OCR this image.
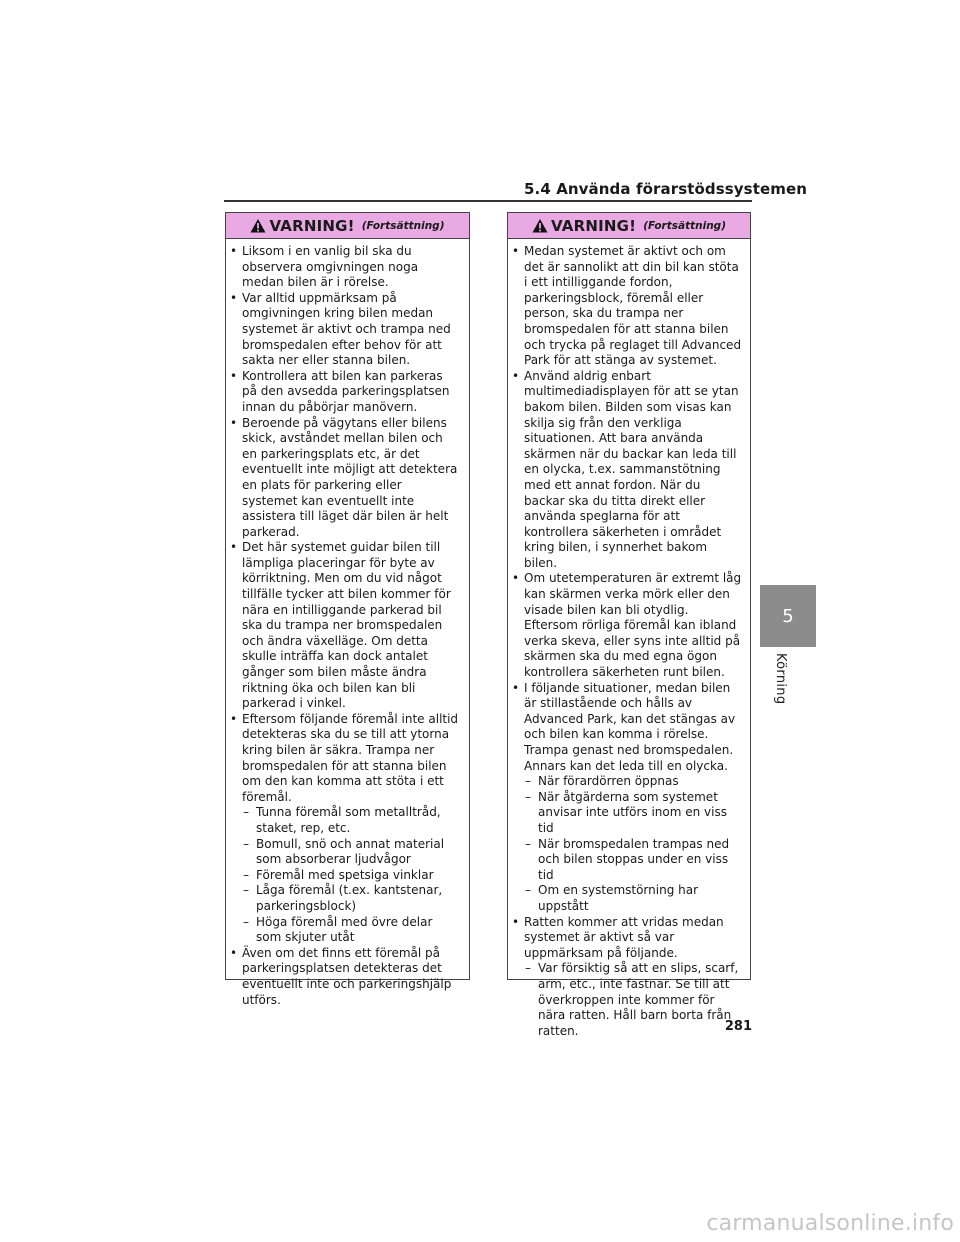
5.4 Använda förarstödssystemen
VARNING! (Fortsättning)

• Liksom i en vanlig bil ska du observera omgivningen noga medan bilen är i rörelse.

• Var alltid uppmärksam på omgivningen kring bilen medan systemet är aktivt och trampa ned bromspedalen efter behov för att sakta ner eller stanna bilen.

• Kontrollera att bilen kan parkeras på den avsedda parkeringsplatsen innan du påbörjar manövern.

• Beroende på vägytans eller bilens skick, avståndet mellan bilen och en parkeringsplats etc, är det eventuellt inte möjligt att detektera en plats för parkering eller systemet kan eventuellt inte assistera till läget där bilen är helt parkerad.

• Det här systemet guidar bilen till lämpliga placeringar för byte av körriktning. Men om du vid något tillfälle tycker att bilen kommer för nära en intilliggande parkerad bil ska du trampa ner bromspedalen och ändra växelläge. Om detta skulle inträffa kan dock antalet gånger som bilen måste ändra riktning öka och bilen kan bli parkerad i vinkel.

• Eftersom följande föremål inte alltid detekteras ska du se till att ytorna kring bilen är säkra. Trampa ner bromspedalen för att stanna bilen om den kan komma att stöta i ett föremål.

– Tunna föremål som metalltråd, staket, rep, etc.

– Bomull, snö och annat material som absorberar ljudvågor

– Föremål med spetsiga vinklar

– Låga föremål (t.ex. kantstenar, parkeringsblock)

– Höga föremål med övre delar som skjuter utåt

• Även om det finns ett föremål på parkeringsplatsen detekteras det eventuellt inte och parkeringshjälp utförs.

VARNING! (Fortsättning)

• Medan systemet är aktivt och om det är sannolikt att din bil kan stöta i ett intilliggande fordon, parkeringsblock, föremål eller person, ska du trampa ner bromspedalen för att stanna bilen och trycka på reglaget till Advanced Park för att stänga av systemet.

• Använd aldrig enbart multimediadisplayen för att se ytan bakom bilen. Bilden som visas kan skilja sig från den verkliga situationen. Att bara använda skärmen när du backar kan leda till en olycka, t.ex. sammanstötning med ett annat fordon. När du backar ska du titta direkt eller använda speglarna för att kontrollera säkerheten i området kring bilen, i synnerhet bakom bilen.

• Om utetemperaturen är extremt låg kan skärmen verka mörk eller den visade bilen kan bli otydlig. Eftersom rörliga föremål kan ibland verka skeva, eller syns inte alltid på skärmen ska du med egna ögon kontrollera säkerheten runt bilen.

• I följande situationer, medan bilen är stillastående och hålls av Advanced Park, kan det stängas av och bilen kan komma i rörelse. Trampa genast ned bromspedalen. Annars kan det leda till en olycka.

– När förardörren öppnas

– När åtgärderna som systemet anvisar inte utförs inom en viss tid

– När bromspedalen trampas ned och bilen stoppas under en viss tid

– Om en systemstörning har uppstått

• Ratten kommer att vridas medan systemet är aktivt så var uppmärksam på följande.

– Var försiktig så att en slips, scarf, arm, etc., inte fastnar. Se till att överkroppen inte kommer för nära ratten. Håll barn borta från ratten.

5
Körning
281
carmanualsonline.info
